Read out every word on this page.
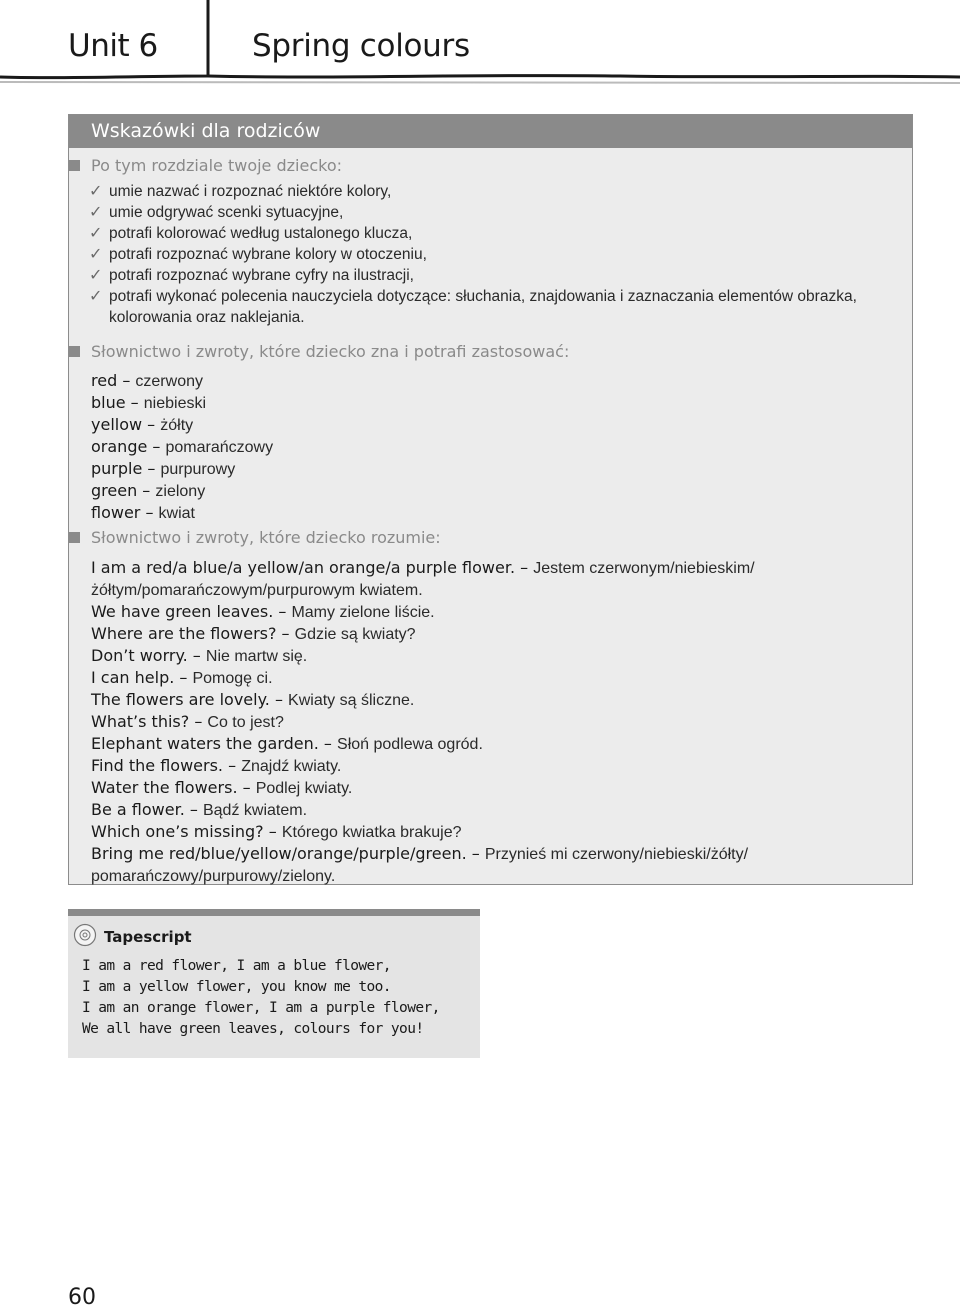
Unit 6	Spring colours
Wskazówki dla rodziców
Po tym rozdziale twoje dziecko:
✓ umie nazwać i rozpoznać niektóre kolory,
✓ umie odgrywać scenki sytuacyjne,
✓ potrafi kolorować według ustalonego klucza,
✓ potrafi rozpoznać wybrane kolory w otoczeniu,
✓ potrafi rozpoznać wybrane cyfry na ilustracji,
✓ potrafi wykonać polecenia nauczyciela dotyczące: słuchania, znajdowania i zaznaczania elementów obrazka, kolorowania oraz naklejania.
Słownictwo i zwroty, które dziecko zna i potrafi zastosować:
red – czerwony
blue – niebieski
yellow – żółty
orange – pomarańczowy
purple – purpurowy
green – zielony
flower – kwiat
Słownictwo i zwroty, które dziecko rozumie:
I am a red/a blue/a yellow/an orange/a purple flower. – Jestem czerwonym/niebieskim/ żółtym/pomarańczowym/purpurowym kwiatem.
We have green leaves. – Mamy zielone liście.
Where are the flowers? – Gdzie są kwiaty?
Don’t worry. – Nie martw się.
I can help. – Pomogę ci.
The flowers are lovely. – Kwiaty są śliczne.
What’s this? – Co to jest?
Elephant waters the garden. – Słoń podlewa ogród.
Find the flowers. – Znajdź kwiaty.
Water the flowers. – Podlej kwiaty.
Be a flower. – Bądź kwiatem.
Which one’s missing? – Którego kwiatka brakuje?
Bring me red/blue/yellow/orange/purple/green. – Przynieś mi czerwony/niebieski/żółty/ pomarańczowy/purpurowy/zielony.
Tapescript
I am a red flower, I am a blue flower,
I am a yellow flower, you know me too.
I am an orange flower, I am a purple flower,
We all have green leaves, colours for you!
60
